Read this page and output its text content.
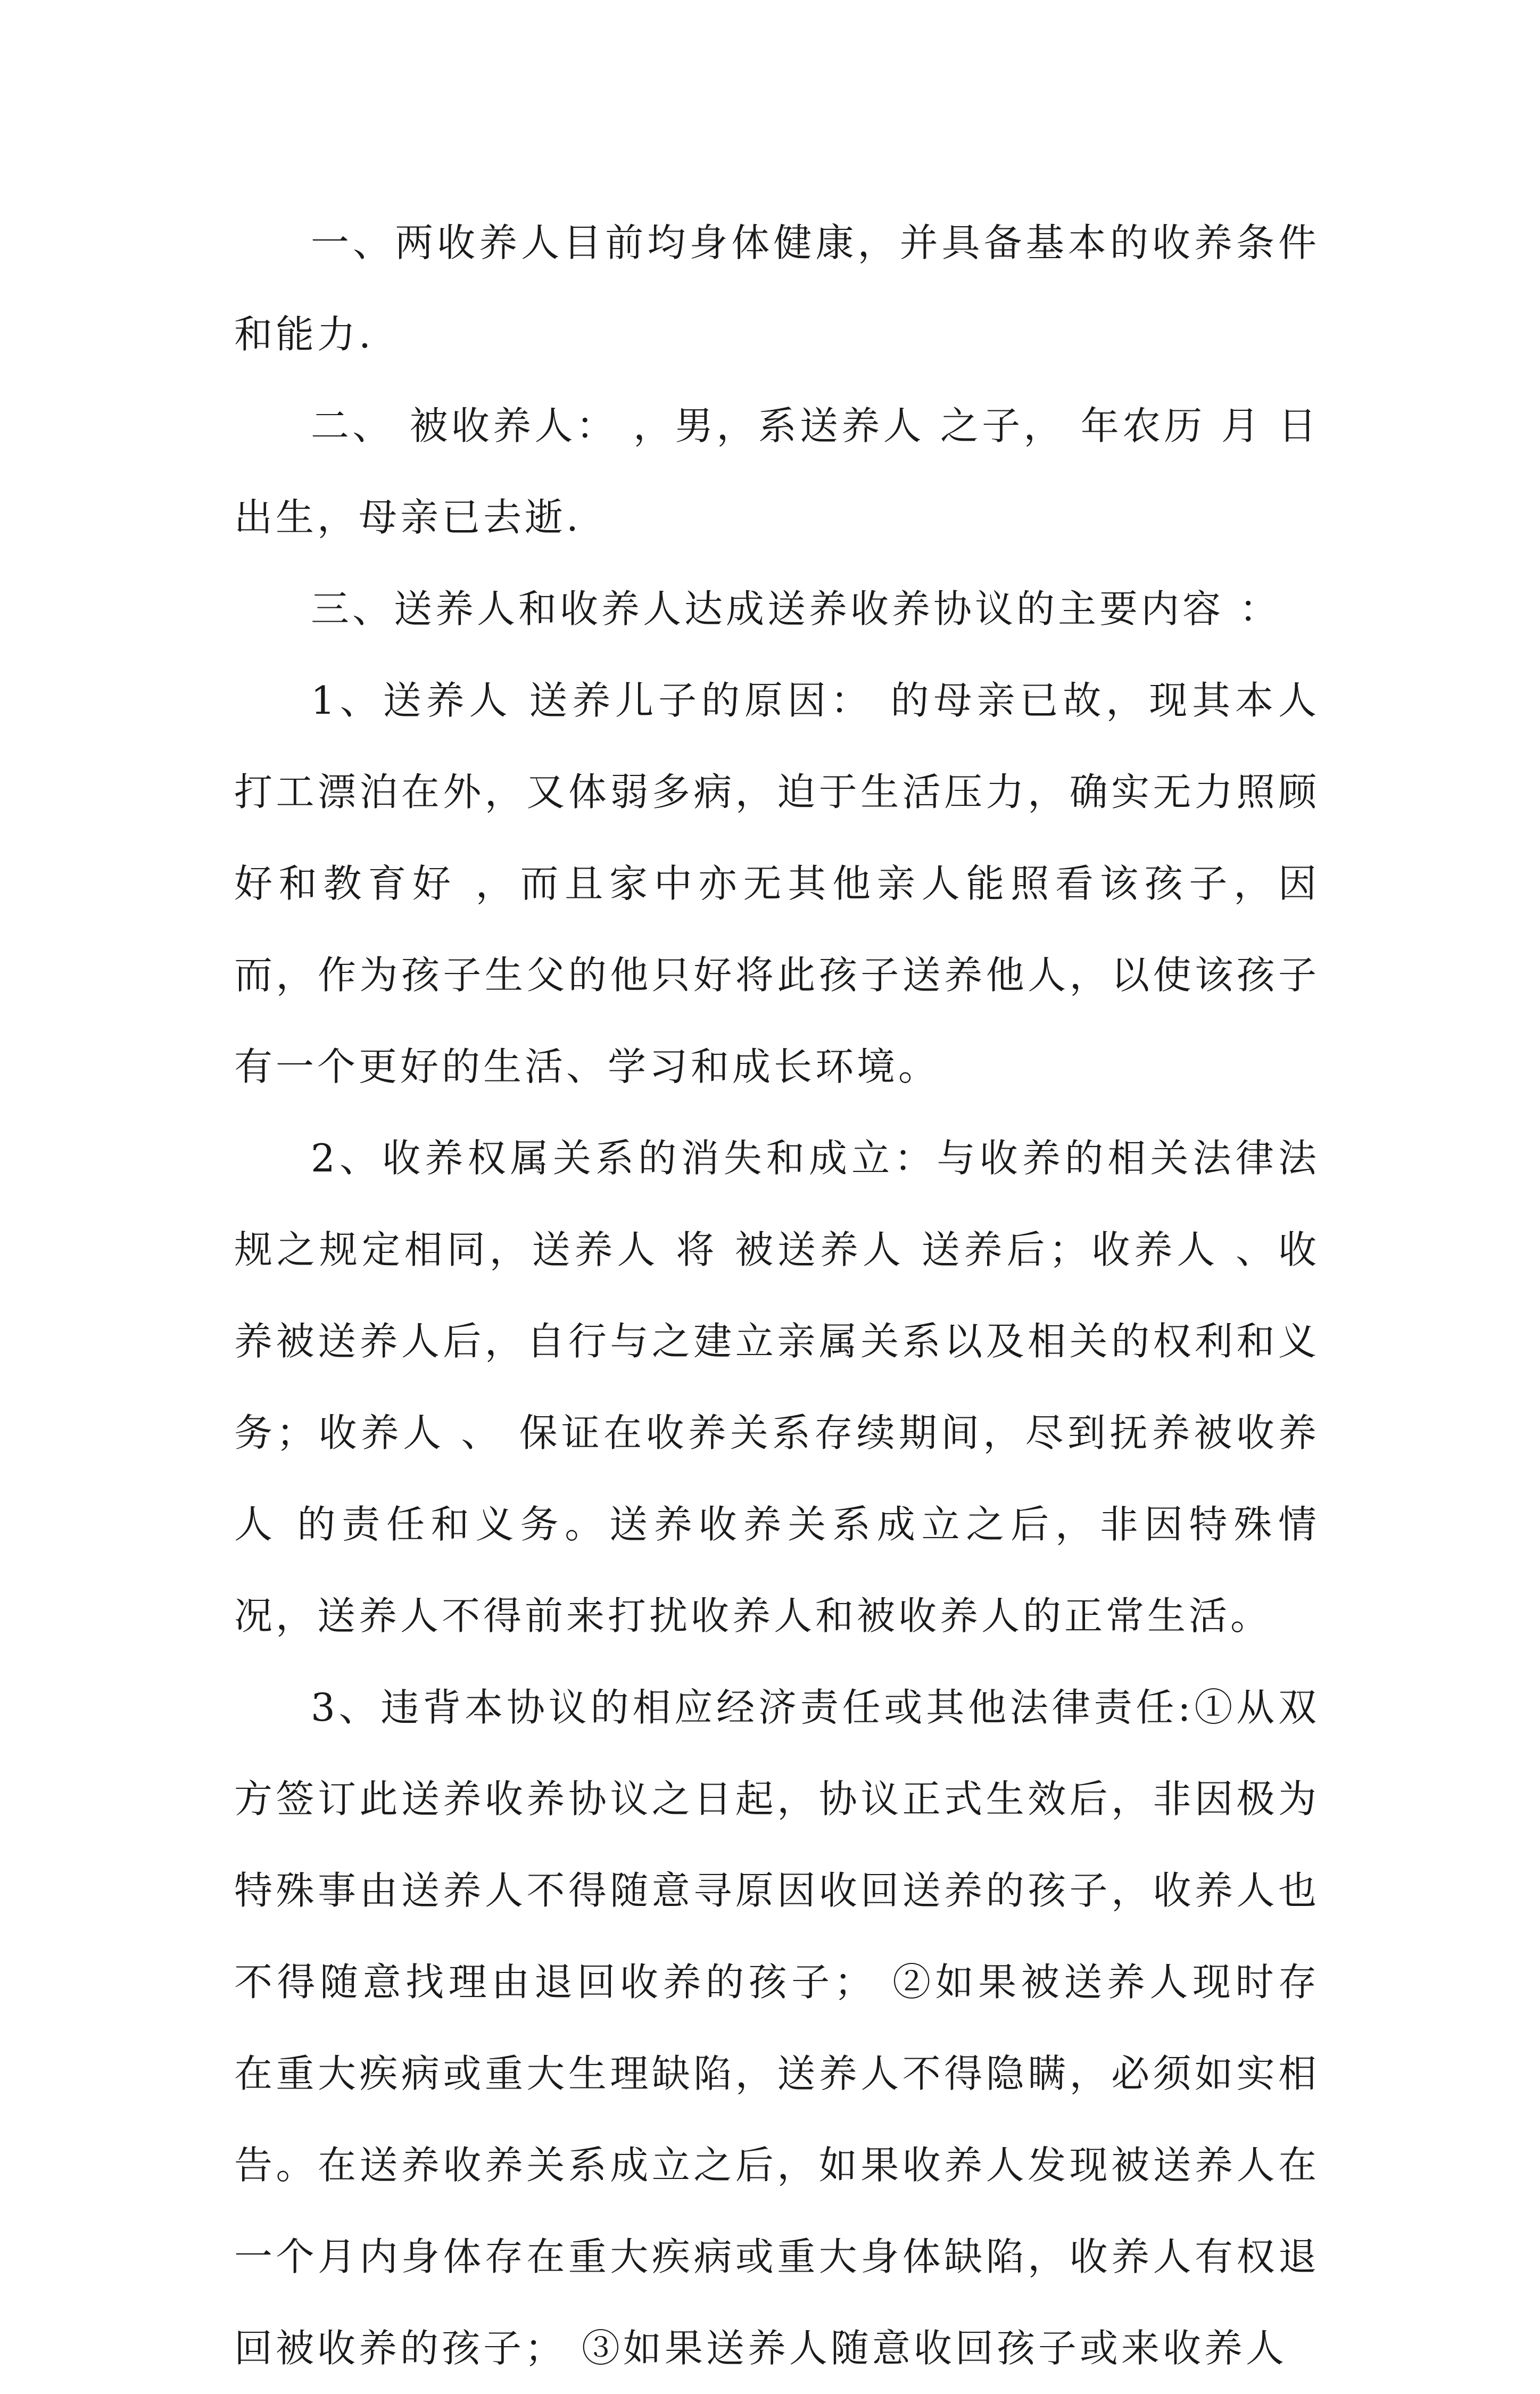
一、两收养人目前均身体健康，并具备基本的收养条件和能力.

二、 被收养人： ，男，系送养人 之子， 年农历 月 日出生，母亲已去逝.

三、送养人和收养人达成送养收养协议的主要内容 ：

1、送养人 送养儿子的原因： 的母亲已故，现其本人打工漂泊在外，又体弱多病，迫于生活压力，确实无力照顾好和教育好 ，而且家中亦无其他亲人能照看该孩子，因而，作为孩子生父的他只好将此孩子送养他人，以使该孩子有一个更好的生活、学习和成长环境。

2、收养权属关系的消失和成立：与收养的相关法律法规之规定相同，送养人 将 被送养人 送养后；收养人 、收养被送养人后，自行与之建立亲属关系以及相关的权利和义务；收养人 、 保证在收养关系存续期间，尽到抚养被收养人 的责任和义务。送养收养关系成立之后，非因特殊情况，送养人不得前来打扰收养人和被收养人的正常生活。

3、违背本协议的相应经济责任或其他法律责任:①从双方签订此送养收养协议之日起，协议正式生效后，非因极为特殊事由送养人不得随意寻原因收回送养的孩子，收养人也不得随意找理由退回收养的孩子； ②如果被送养人现时存在重大疾病或重大生理缺陷，送养人不得隐瞒，必须如实相告。在送养收养关系成立之后，如果收养人发现被送养人在一个月内身体存在重大疾病或重大身体缺陷，收养人有权退回被收养的孩子； ③如果送养人随意收回孩子或来收养人
